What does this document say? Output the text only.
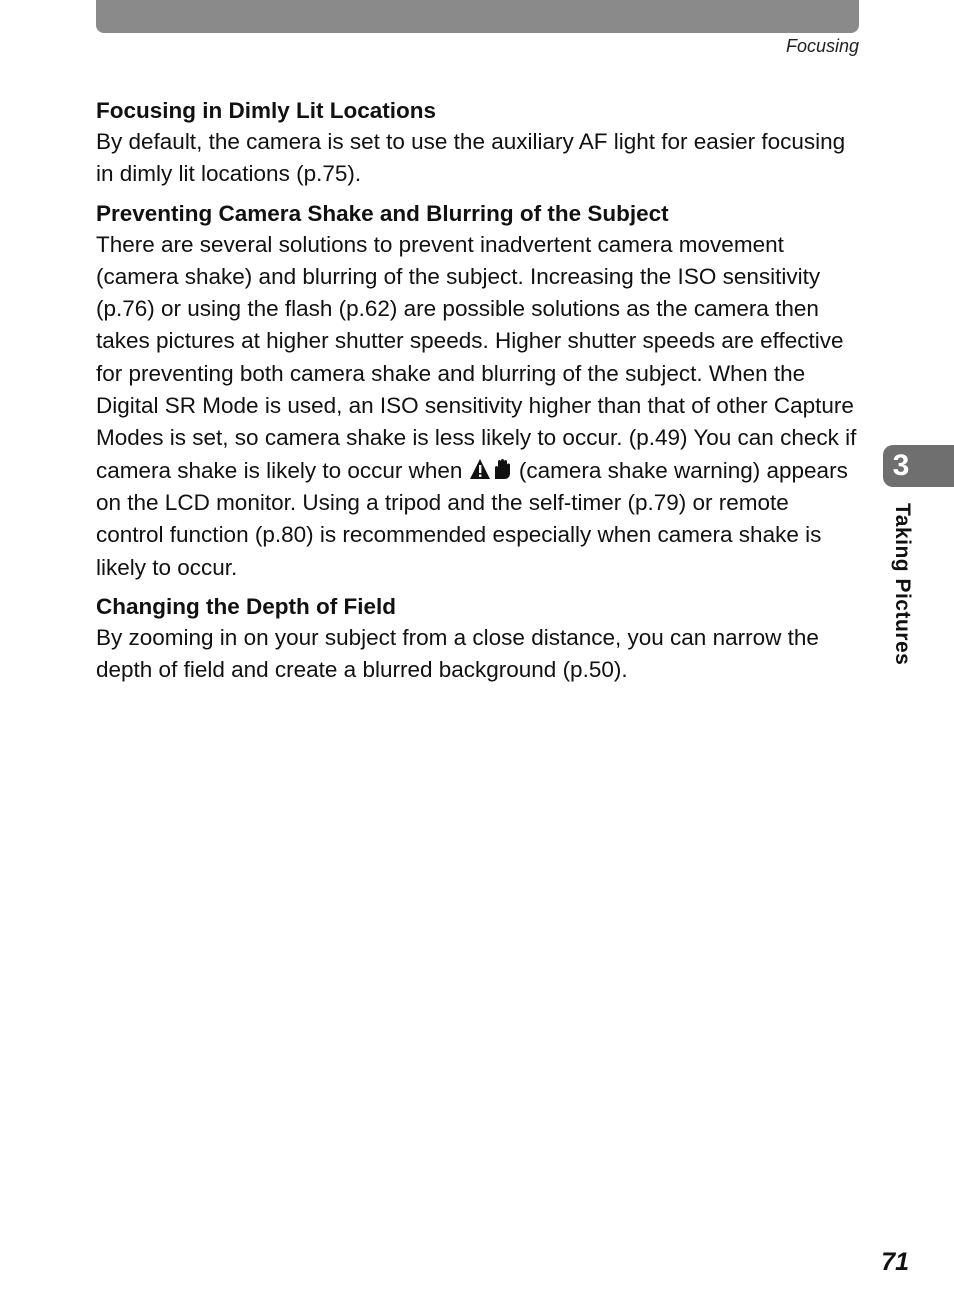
Focusing
Focusing in Dimly Lit Locations

By default, the camera is set to use the auxiliary AF light for easier focusing in dimly lit locations (p.75).

Preventing Camera Shake and Blurring of the Subject

There are several solutions to prevent inadvertent camera movement (camera shake) and blurring of the subject. Increasing the ISO sensitivity (p.76) or using the flash (p.62) are possible solutions as the camera then takes pictures at higher shutter speeds. Higher shutter speeds are effective for preventing both camera shake and blurring of the subject. When the Digital SR Mode is used, an ISO sensitivity higher than that of other Capture Modes is set, so camera shake is less likely to occur. (p.49) You can check if camera shake is likely to occur when  (camera shake warning) appears on the LCD monitor. Using a tripod and the self-timer (p.79) or remote control function (p.80) is recommended especially when camera shake is likely to occur.

Changing the Depth of Field

By zooming in on your subject from a close distance, you can narrow the depth of field and create a blurred background (p.50).

3
Taking Pictures
71
